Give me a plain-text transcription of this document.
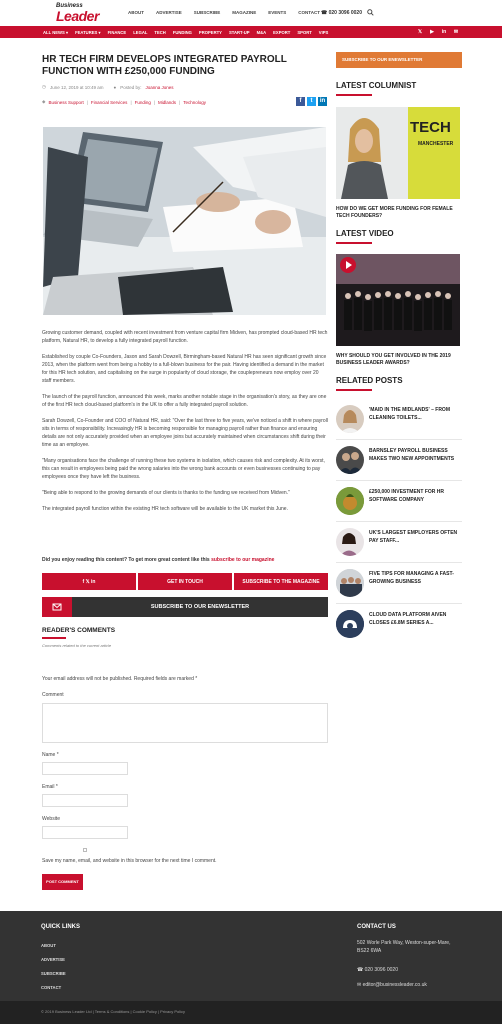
Business
Leader	ABOUT	ADVERTISE	SUBSCRIBE	MAGAZINE	EVENTS	CONTACT ☎ 020 3096 0020
ALL NEWS ▾ FEATURES ▾ FINANCE LEGAL TECH FUNDING PROPERTY START-UP M&A EXPORT SPORT VIPS	𝕏	▶	in	✉
HR TECH FIRM DEVELOPS INTEGRATED PAYROLL FUNCTION WITH £250,000 FUNDING
◷ June 12, 2019 at 10:49 am ● Posted by: Joanna Jones
◆ Business Support | Financial Services | Funding | Midlands | Technology	f	t	in

Growing customer demand, coupled with recent investment from venture capital firm Midven, has prompted cloud-based HR tech platform, Natural HR, to develop a fully integrated payroll function.

Established by couple Co-Founders, Jason and Sarah Dowzell, Birmingham-based Natural HR has seen significant growth since 2013, when the platform went from being a hobby to a full-blown business for the pair. Having identified a demand in the market for this HR tech solution, and capitalising on the surge in popularity of cloud storage, the couplepreneurs now employ over 20 staff members.

The launch of the payroll function, announced this week, marks another notable stage in the organisation's story, as they are one of the first HR tech cloud-based platform's in the UK to offer a fully integrated payroll solution.

Sarah Dowzell, Co-Founder and COO of Natural HR, said: "Over the last three to five years, we've noticed a shift in where payroll sits in terms of responsibility. Increasingly HR is becoming responsible for managing payroll rather than finance and ensuring details are not only accurately provided when an employee joins but accurately maintained when circumstances shift during their time as an employee.

"Many organisations face the challenge of running these two systems in isolation, which causes risk and complexity. At its worst, this can result in employees being paid the wrong salaries into the wrong bank accounts or even businesses continuing to pay employees once they have left the business.

"Being able to respond to the growing demands of our clients is thanks to the funding we received from Midven."

The integrated payroll function within the existing HR tech software will be available to the UK market this June.

Did you enjoy reading this content? To get more great content like this subscribe to our magazine
f 𝕏 in	GET IN TOUCH	SUBSCRIBE TO THE MAGAZINE
SUBSCRIBE TO OUR ENEWSLETTER
READER'S COMMENTS
Comments related to the current article
Your email address will not be published. Required fields are marked *
Comment
Name *
Email *
Website
Save my name, email, and website in this browser for the next time I comment.
POST COMMENT
SUBSCRIBE TO OUR ENEWSLETTER
LATEST COLUMNIST
TECH
MANCHESTER
HOW DO WE GET MORE FUNDING FOR FEMALE TECH FOUNDERS?
LATEST VIDEO
WHY SHOULD YOU GET INVOLVED IN THE 2019 BUSINESS LEADER AWARDS?
RELATED POSTS
'MAID IN THE MIDLANDS' – FROM CLEANING TOILETS...
BARNSLEY PAYROLL BUSINESS MAKES TWO NEW APPOINTMENTS
£250,000 INVESTMENT FOR HR SOFTWARE COMPANY
UK'S LARGEST EMPLOYERS OFTEN PAY STAFF...
FIVE TIPS FOR MANAGING A FAST-GROWING BUSINESS
CLOUD DATA PLATFORM AIVEN CLOSES £6.8M SERIES A...
QUICK LINKS
ABOUT
ADVERTISE
SUBSCRIBE
CONTACT
CONTACT US
502 Worle Park Way, Weston-super-Mare, BS22 6WA
☎ 020 3096 0020
✉ editor@businessleader.co.uk
© 2019 Business Leader Ltd | Terms & Conditions | Cookie Policy | Privacy Policy
